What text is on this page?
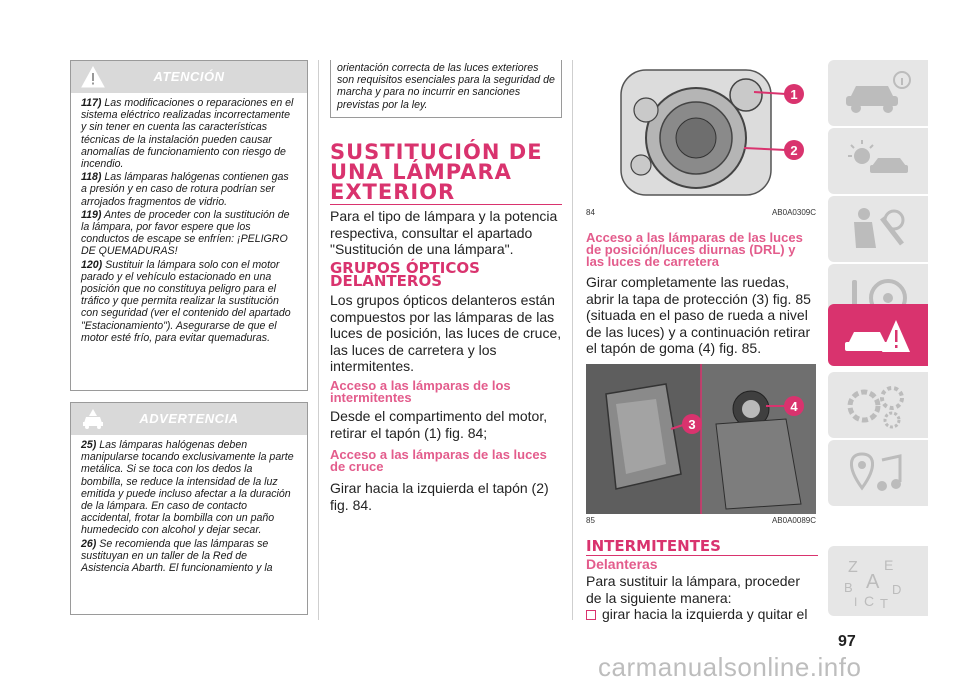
ATENCIÓN
117) Las modificaciones o reparaciones en el sistema eléctrico realizadas incorrectamente y sin tener en cuenta las características técnicas de la instalación pueden causar anomalías de funcionamiento con riesgo de incendio.
118) Las lámparas halógenas contienen gas a presión y en caso de rotura podrían ser arrojados fragmentos de vidrio.
119) Antes de proceder con la sustitución de la lámpara, por favor espere que los conductos de escape se enfríen: ¡PELIGRO DE QUEMADURAS!
120) Sustituir la lámpara solo con el motor parado y el vehículo estacionado en una posición que no constituya peligro para el tráfico y que permita realizar la sustitución con seguridad (ver el contenido del apartado "Estacionamiento"). Asegurarse de que el motor esté frío, para evitar quemaduras.
ADVERTENCIA
25) Las lámparas halógenas deben manipularse tocando exclusivamente la parte metálica. Si se toca con los dedos la bombilla, se reduce la intensidad de la luz emitida y puede incluso afectar a la duración de la lámpara. En caso de contacto accidental, frotar la bombilla con un paño humedecido con alcohol y dejar secar.
26) Se recomienda que las lámparas se sustituyan en un taller de la Red de Asistencia Abarth. El funcionamiento y la
orientación correcta de las luces exteriores son requisitos esenciales para la seguridad de marcha y para no incurrir en sanciones previstas por la ley.
SUSTITUCIÓN DE
UNA LÁMPARA
EXTERIOR
Para el tipo de lámpara y la potencia respectiva, consultar el apartado "Sustitución de una lámpara".
GRUPOS ÓPTICOS
DELANTEROS
Los grupos ópticos delanteros están compuestos por las lámparas de las luces de posición, las luces de cruce, las luces de carretera y los intermitentes.
Acceso a las lámparas de los
intermitentes
Desde el compartimento del motor, retirar el tapón (1) fig. 84;
Acceso a las lámparas de las luces
de cruce
Girar hacia la izquierda el tapón (2) fig. 84.
1
2
84	AB0A0309C
Acceso a las lámparas de las luces
de posición/luces diurnas (DRL) y
las luces de carretera
Girar completamente las ruedas, abrir la tapa de protección (3) fig. 85 (situada en el paso de rueda a nivel de las luces) y a continuación retirar el tapón de goma (4) fig. 85.
3
4
85	AB0A0089C
INTERMITENTES
Delanteras
Para sustituir la lámpara, proceder de la siguiente manera:
girar hacia la izquierda y quitar el
Z E
A
B	D
I C T
97
carmanualsonline.info
